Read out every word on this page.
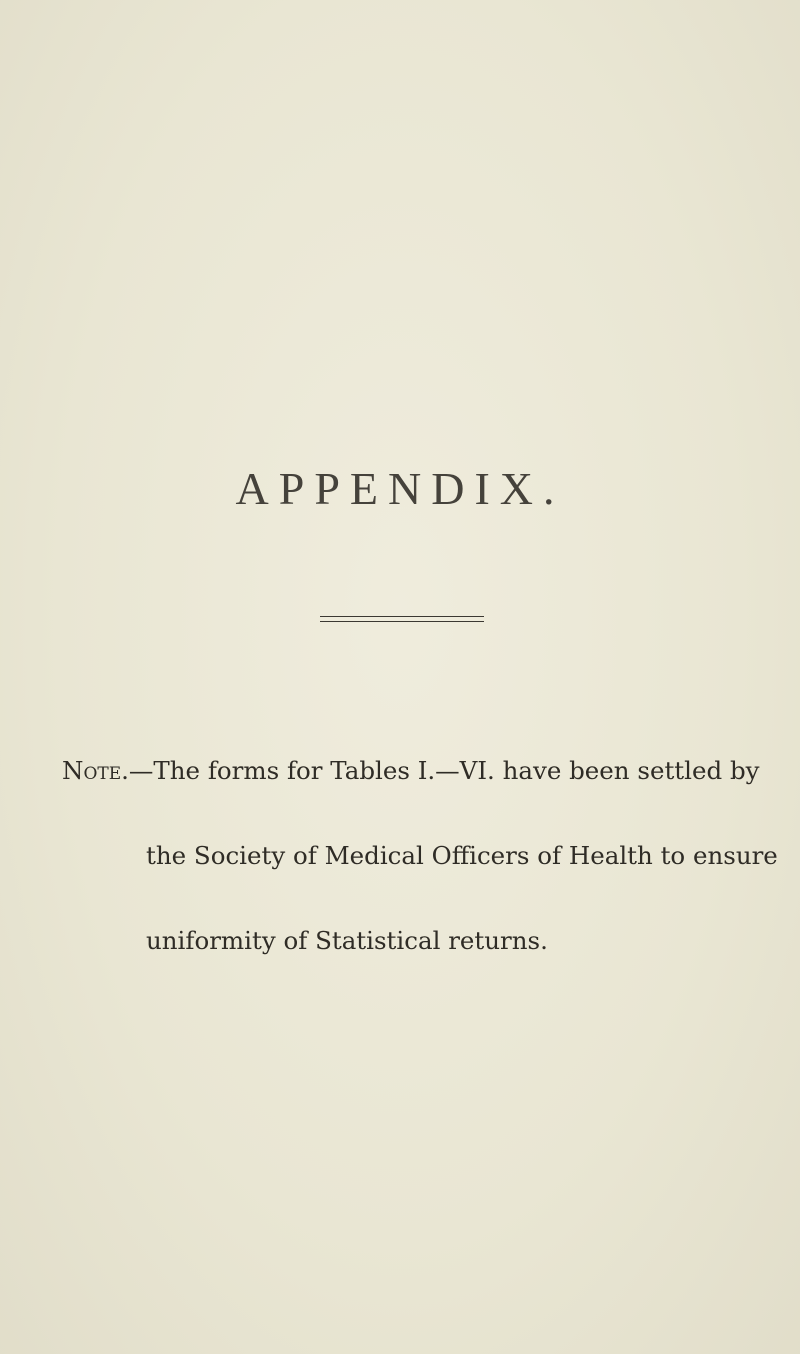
APPENDIX.

Note.—The forms for Tables I.—VI. have been settled by
the Society of Medical Officers of Health to ensure
uniformity of Statistical returns.
